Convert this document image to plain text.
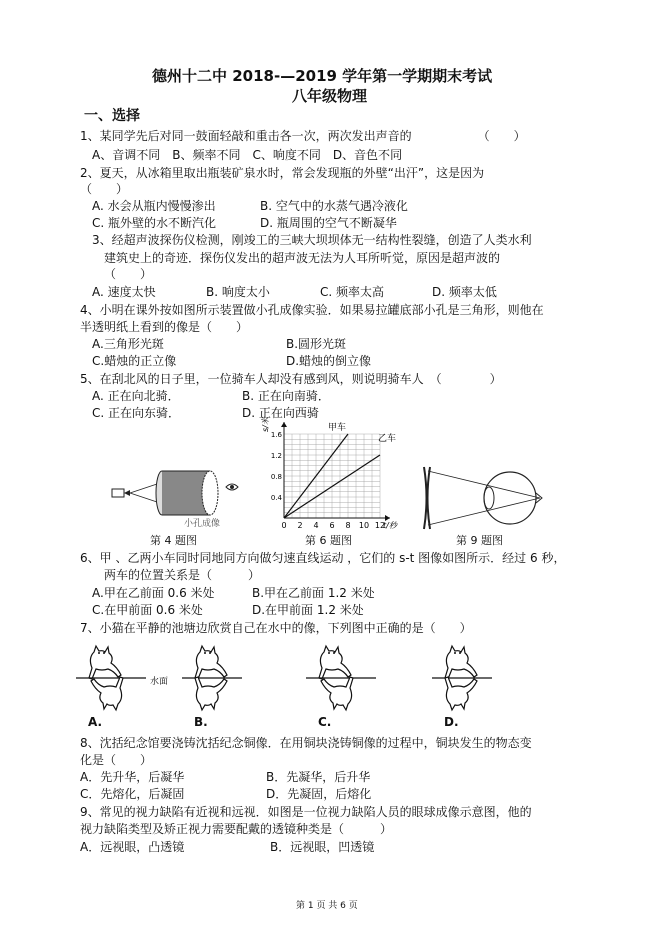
德州十二中 2018-—2019 学年第一学期期末考试
八年级物理
一、选择
1、某同学先后对同一鼓面轻敲和重击各一次，两次发出声音的　　　　　　（　　）
A、音调不同　B、频率不同　C、响度不同　D、音色不同
2、夏天，从冰箱里取出瓶装矿泉水时，常会发现瓶的外壁“出汗”，这是因为
（　　）
A. 水会从瓶内慢慢渗出	B. 空气中的水蒸气遇冷液化
C. 瓶外壁的水不断汽化	D. 瓶周围的空气不断凝华
3、经超声波探伤仪检测，刚竣工的三峡大坝坝体无一结构性裂缝，创造了人类水利
建筑史上的奇迹．探伤仪发出的超声波无法为人耳所听觉，原因是超声波的
（　　）
A. 速度太快	B. 响度太小	C. 频率太高	D. 频率太低
4、小明在课外按如图所示装置做小孔成像实验．如果易拉罐底部小孔是三角形，则他在
半透明纸上看到的像是（　　）
A.三角形光斑	B.圆形光斑
C.蜡烛的正立像	D.蜡烛的倒立像
5、在刮北风的日子里，一位骑车人却没有感到风，则说明骑车人　（　　　　）
A. 正在向北骑．	B. 正在向南骑．
C. 正在向东骑．	D. 正在向西骑
小孔成像
第 4 题图
0 2 4 6 8 10 12
0.4
0.8
1.2
1.6
t/秒
s/米	甲车
乙车
第 6 题图	第 9 题图
6、甲 、乙两小车同时同地同方向做匀速直线运动 ，它们的 s-t 图像如图所示．经过 6 秒，
两车的位置关系是（　　　）
A.甲在乙前面 0.6 米处	B.甲在乙前面 1.2 米处
C.在甲前面 0.6 米处	D.在甲前面 1.2 米处
7、小猫在平静的池塘边欣赏自己在水中的像，下列图中正确的是（　　）
8、沈括纪念馆要浇铸沈括纪念铜像．在用铜块浇铸铜像的过程中，铜块发生的物态变
化是（　　）
A．先升华，后凝华	B．先凝华，后升华
C．先熔化，后凝固	D．先凝固，后熔化
9、常见的视力缺陷有近视和远视．如图是一位视力缺陷人员的眼球成像示意图，他的
视力缺陷类型及矫正视力需要配戴的透镜种类是（　　　）
A．远视眼，凸透镜	B．远视眼，凹透镜
第 1 页 共 6 页
A.	B.	C.	D.
水面
